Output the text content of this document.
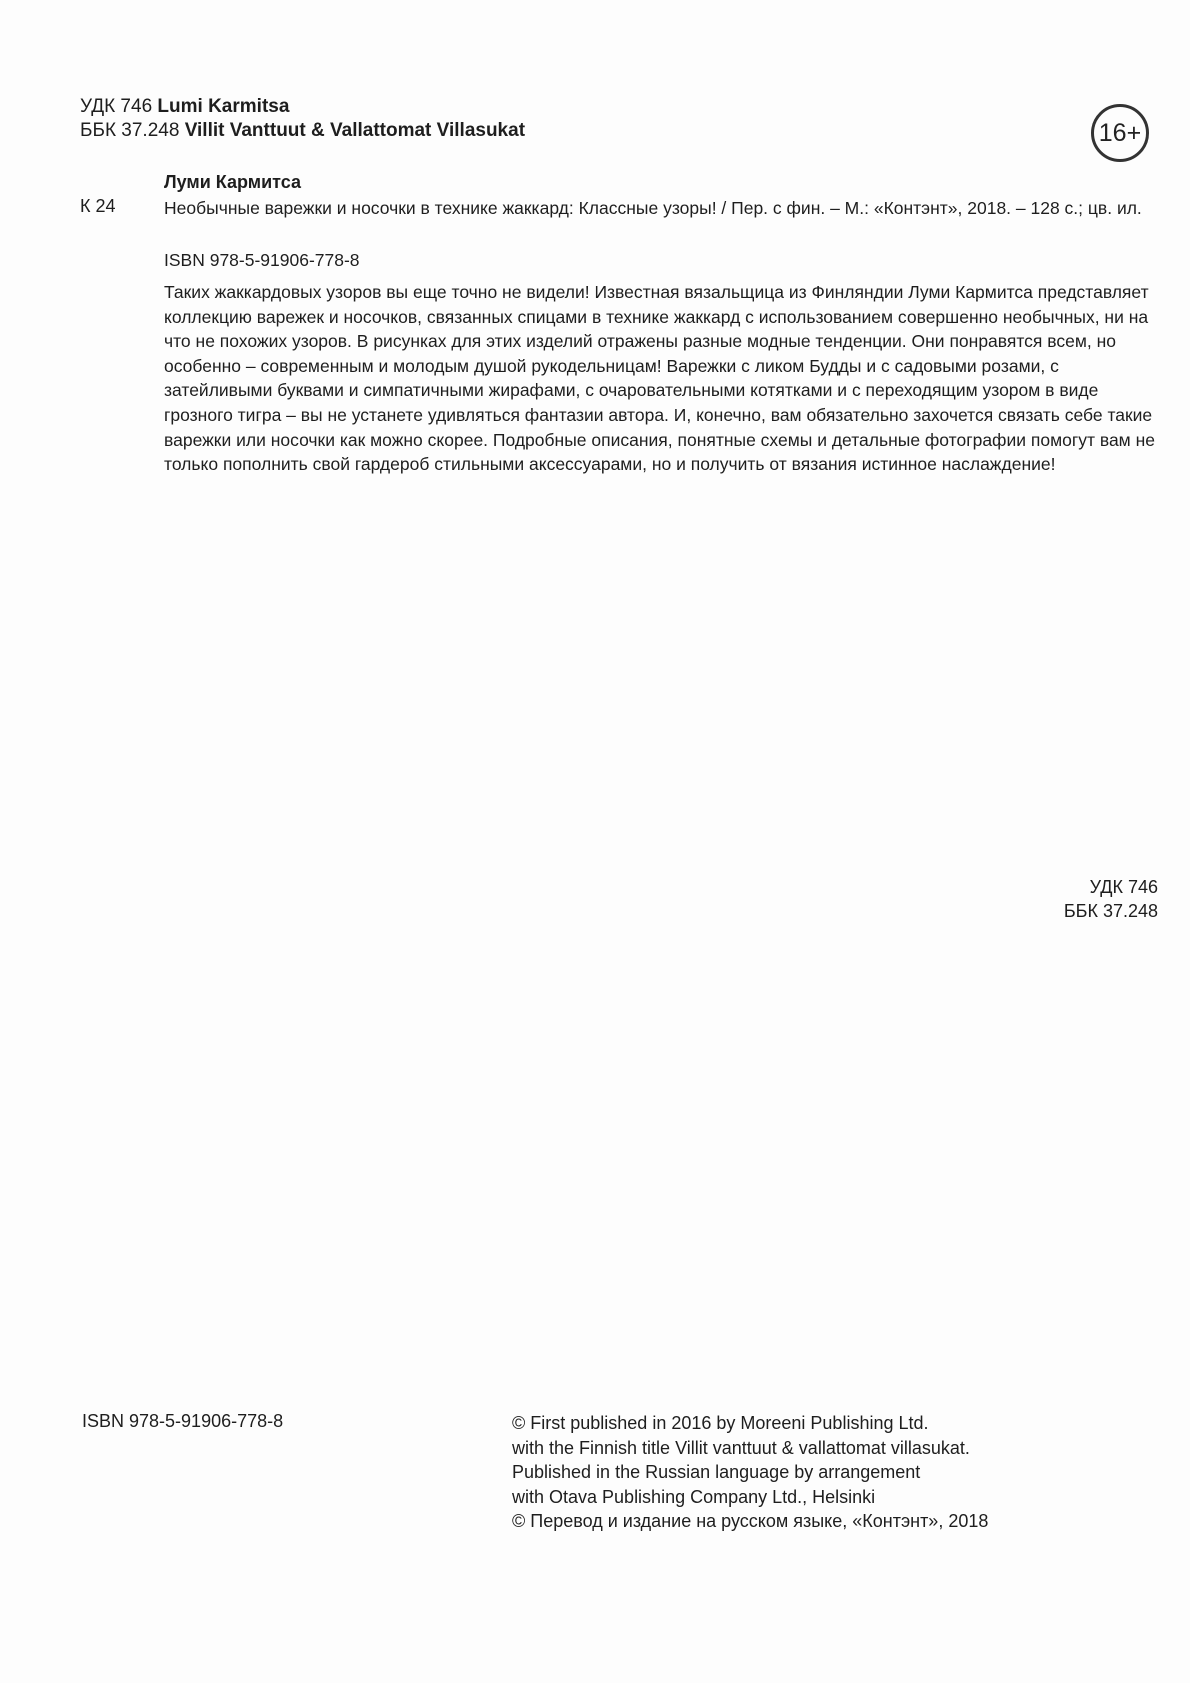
УДК 746 Lumi Karmitsa
ББК 37.248 Villit Vanttuut & Vallattomat Villasukat	16+
Луми Кармитса
К 24	Необычные варежки и носочки в технике жаккард: Классные узоры! / Пер. с фин. – М.: «Контэнт», 2018. – 128 с.; цв. ил.
ISBN 978-5-91906-778-8
Таких жаккардовых узоров вы еще точно не видели! Известная вязальщица из Финляндии Луми Кармитса представляет коллекцию варежек и носочков, связанных спицами в технике жаккард с использованием совершенно необычных, ни на что не похожих узоров. В рисунках для этих изделий отражены разные модные тенденции. Они понравятся всем, но особенно – современным и молодым душой рукодельницам! Варежки с ликом Будды и с садовыми розами, с затейливыми буквами и симпатичными жирафами, с очаровательными котятками и с переходящим узором в виде грозного тигра – вы не устанете удивляться фантазии автора. И, конечно, вам обязательно захочется связать себе такие варежки или носочки как можно скорее. Подробные описания, понятные схемы и детальные фотографии помогут вам не только пополнить свой гардероб стильными аксессуарами, но и получить от вязания истинное наслаждение!
УДК 746
ББК 37.248
ISBN 978-5-91906-778-8	© First published in 2016 by Moreeni Publishing Ltd.
with the Finnish title Villit vanttuut & vallattomat villasukat.
Published in the Russian language by arrangement
with Otava Publishing Company Ltd., Helsinki
© Перевод и издание на русском языке, «Контэнт», 2018
